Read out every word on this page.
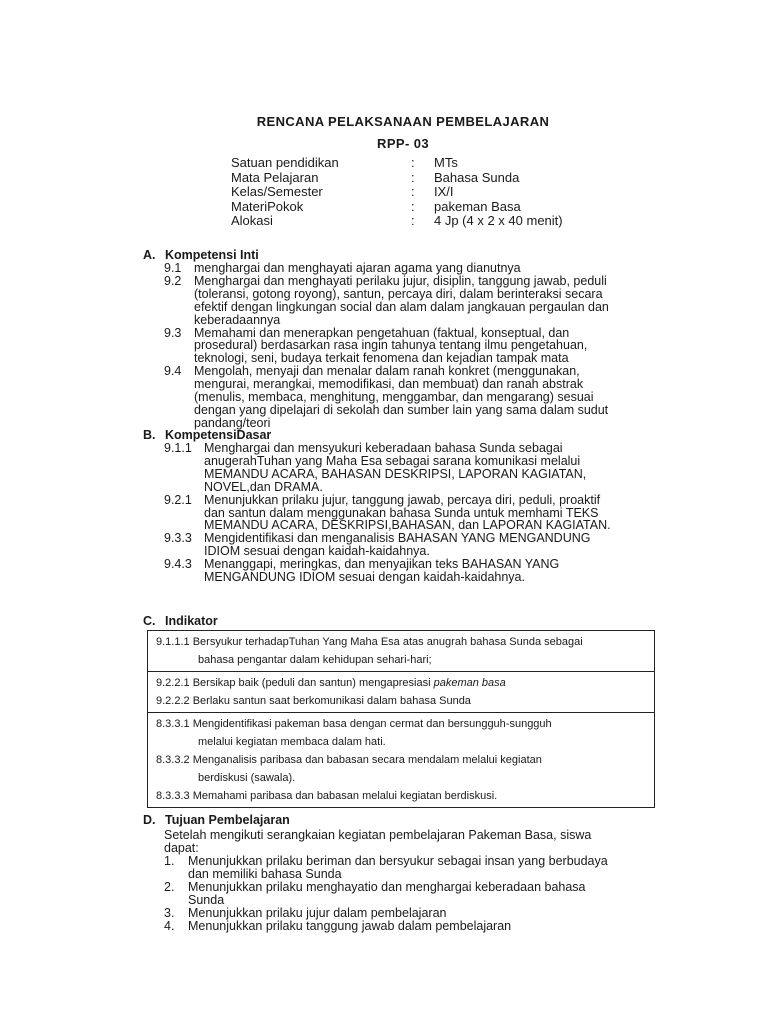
RENCANA PELAKSANAAN PEMBELAJARAN
RPP- 03
Satuan pendidikan	:	MTs
Mata Pelajaran	:	Bahasa Sunda
Kelas/Semester	:	IX/I
MateriPokok	:	pakeman Basa
Alokasi	:	4 Jp (4 x 2 x 40 menit)
A. Kompetensi Inti
9.1	menghargai dan menghayati ajaran agama yang dianutnya
9.2	Menghargai dan menghayati perilaku jujur, disiplin, tanggung jawab, peduli
(toleransi, gotong royong), santun, percaya diri, dalam berinteraksi secara
efektif dengan lingkungan social dan alam dalam jangkauan pergaulan dan
keberadaannya
9.3	Memahami dan menerapkan pengetahuan (faktual, konseptual, dan
prosedural) berdasarkan rasa ingin tahunya tentang ilmu pengetahuan,
teknologi, seni, budaya terkait fenomena dan kejadian tampak mata
9.4	Mengolah, menyaji dan menalar dalam ranah konkret (menggunakan,
mengurai, merangkai, memodifikasi, dan membuat) dan ranah abstrak
(menulis, membaca, menghitung, menggambar, dan mengarang) sesuai
dengan yang dipelajari di sekolah dan sumber lain yang sama dalam sudut
pandang/teori
B. KompetensiDasar
9.1.1 Menghargai dan mensyukuri keberadaan bahasa Sunda sebagai
anugerahTuhan yang Maha Esa sebagai sarana komunikasi melalui
MEMANDU ACARA, BAHASAN DESKRIPSI, LAPORAN KAGIATAN,
NOVEL,dan DRAMA.
9.2.1 Menunjukkan prilaku jujur, tanggung jawab, percaya diri, peduli, proaktif
dan santun dalam menggunakan bahasa Sunda untuk memhami TEKS
MEMANDU ACARA, DESKRIPSI,BAHASAN, dan LAPORAN KAGIATAN.
9.3.3 Mengidentifikasi dan menganalisis BAHASAN YANG MENGANDUNG
IDIOM sesuai dengan kaidah-kaidahnya.
9.4.3 Menanggapi, meringkas, dan menyajikan teks BAHASAN YANG
MENGANDUNG IDIOM sesuai dengan kaidah-kaidahnya.
C. Indikator
9.1.1.1 Bersyukur terhadapTuhan Yang Maha Esa atas anugrah bahasa Sunda sebagai
bahasa pengantar dalam kehidupan sehari-hari;

9.2.2.1 Bersikap baik (peduli dan santun) mengapresiasi pakeman basa
9.2.2.2 Berlaku santun saat berkomunikasi dalam bahasa Sunda

8.3.3.1 Mengidentifikasi pakeman basa dengan cermat dan bersungguh-sungguh
melalui kegiatan membaca dalam hati.
8.3.3.2 Menganalisis paribasa dan babasan secara mendalam melalui kegiatan
berdiskusi (sawala).
8.3.3.3 Memahami paribasa dan babasan melalui kegiatan berdiskusi.
D. Tujuan Pembelajaran
Setelah mengikuti serangkaian kegiatan pembelajaran Pakeman Basa, siswa
dapat:
1.	Menunjukkan prilaku beriman dan bersyukur sebagai insan yang berbudaya
dan memiliki bahasa Sunda
2.	Menunjukkan prilaku menghayatio dan menghargai keberadaan bahasa
Sunda
3.	Menunjukkan prilaku jujur dalam pembelajaran
4.	Menunjukkan prilaku tanggung jawab dalam pembelajaran
